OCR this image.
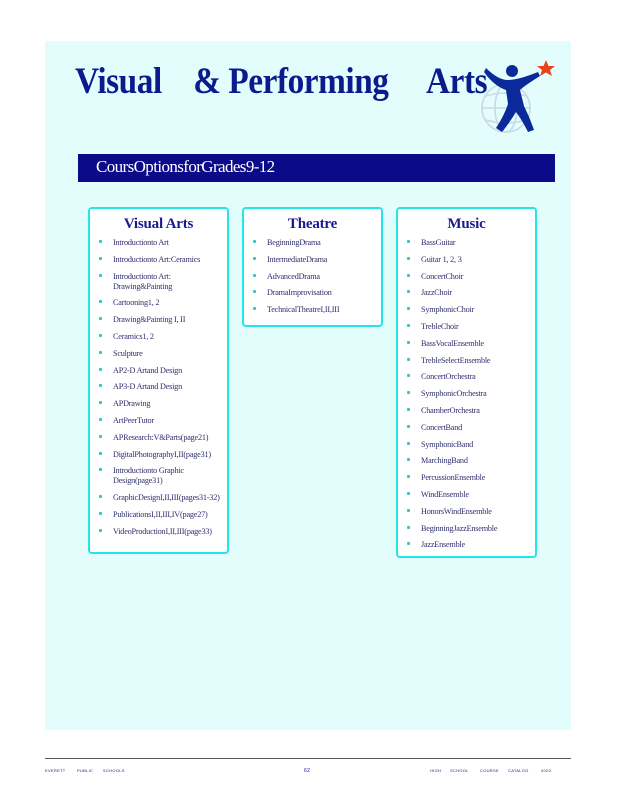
Visual    & Performing     Arts
CoursOptionsforGrades9-12
Visual Arts
Introductionto Art
Introductionto Art:Ceramics
Introductionto Art: Drawing&Painting
Cartooning1, 2
Drawing&Painting I, II
Ceramics1, 2
Sculpture
AP2-D Artand Design
AP3-D Artand Design
APDrawing
ArtPeerTutor
APResearch:V&Parts(page21)
DigitalPhotographyI,II(page31)
Introductionto Graphic Design(page31)
GraphicDesignI,II,III(pages31-32)
PublicationsI,II,III,IV(page27)
VideoProductionI,II,III(page33)
Theatre
BeginningDrama
IntermediateDrama
AdvancedDrama
DramaImprovisation
TechnicalTheatreI,II,III
Music
BassGuitar
Guitar 1, 2, 3
ConcertChoir
JazzChoir
SymphonicChoir
TrebleChoir
BassVocalEnsemble
TrebleSelectEnsemble
ConcertOrchestra
SymphonicOrchestra
ChamberOrchestra
ConcertBand
SymphonicBand
MarchingBand
PercussionEnsemble
WindEnsemble
HonorsWindEnsemble
BeginningJazzEnsemble
JazzEnsemble
EVERETT	PUBLIC SCHOOLS	62	HIGH SCHOOL	COURSE CATALOG	2020
